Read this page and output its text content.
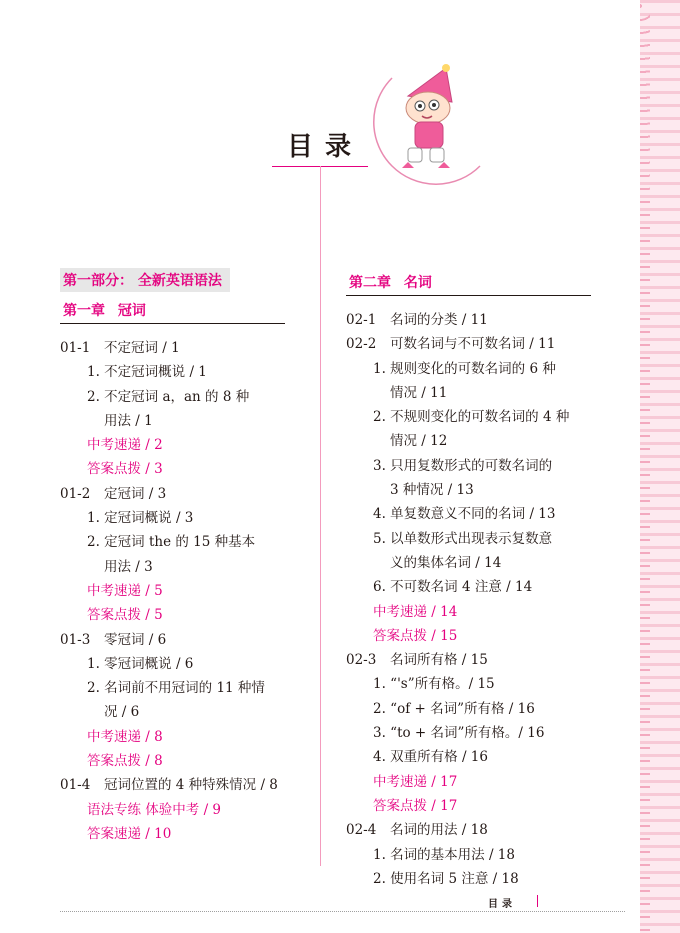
目录
第一部分： 全新英语语法
第一章 冠词
01-1 不定冠词 / 1
1. 不定冠词概说 / 1
2. 不定冠词 a，an 的 8 种
用法 / 1
中考速递 / 2
答案点拨 / 3
01-2 定冠词 / 3
1. 定冠词概说 / 3
2. 定冠词 the 的 15 种基本
用法 / 3
中考速递 / 5
答案点拨 / 5
01-3 零冠词 / 6
1. 零冠词概说 / 6
2. 名词前不用冠词的 11 种情
况 / 6
中考速递 / 8
答案点拨 / 8
01-4 冠词位置的 4 种特殊情况 / 8
语法专练 体验中考 / 9
答案速递 / 10
第二章 名词
02-1 名词的分类 / 11
02-2 可数名词与不可数名词 / 11
1. 规则变化的可数名词的 6 种
情况 / 11
2. 不规则变化的可数名词的 4 种
情况 / 12
3. 只用复数形式的可数名词的
3 种情况 / 13
4. 单复数意义不同的名词 / 13
5. 以单数形式出现表示复数意
义的集体名词 / 14
6. 不可数名词 4 注意 / 14
中考速递 / 14
答案点拨 / 15
02-3 名词所有格 / 15
1. “'s”所有格。/ 15
2. “of + 名词”所有格 / 16
3. “to + 名词”所有格。/ 16
4. 双重所有格 / 16
中考速递 / 17
答案点拨 / 17
02-4 名词的用法 / 18
1. 名词的基本用法 / 18
2. 使用名词 5 注意 / 18
目录
